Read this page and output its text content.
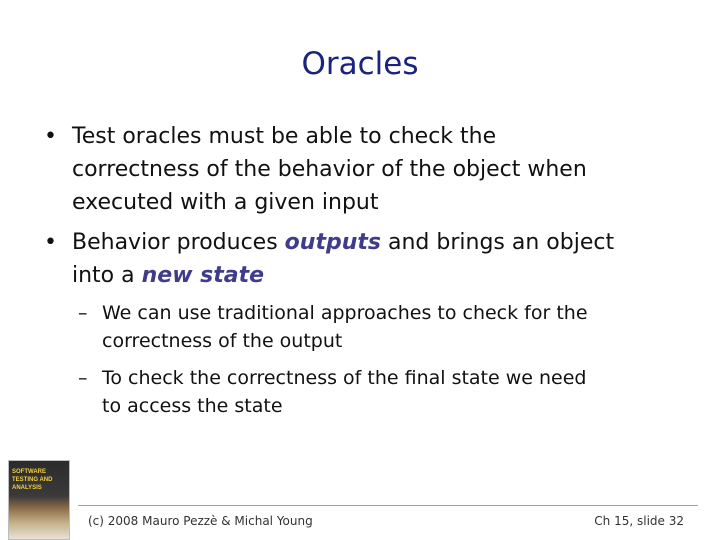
Oracles
• Test oracles must be able to check the
correctness of the behavior of the object when
executed with a given input
• Behavior produces outputs and brings an object
into a new state
– We can use traditional approaches to check for the
correctness of the output
– To check the correctness of the final state we need
to access the state
SOFTWARE TESTING AND ANALYSIS
(c) 2008 Mauro Pezzè & Michal Young	Ch 15, slide 32
